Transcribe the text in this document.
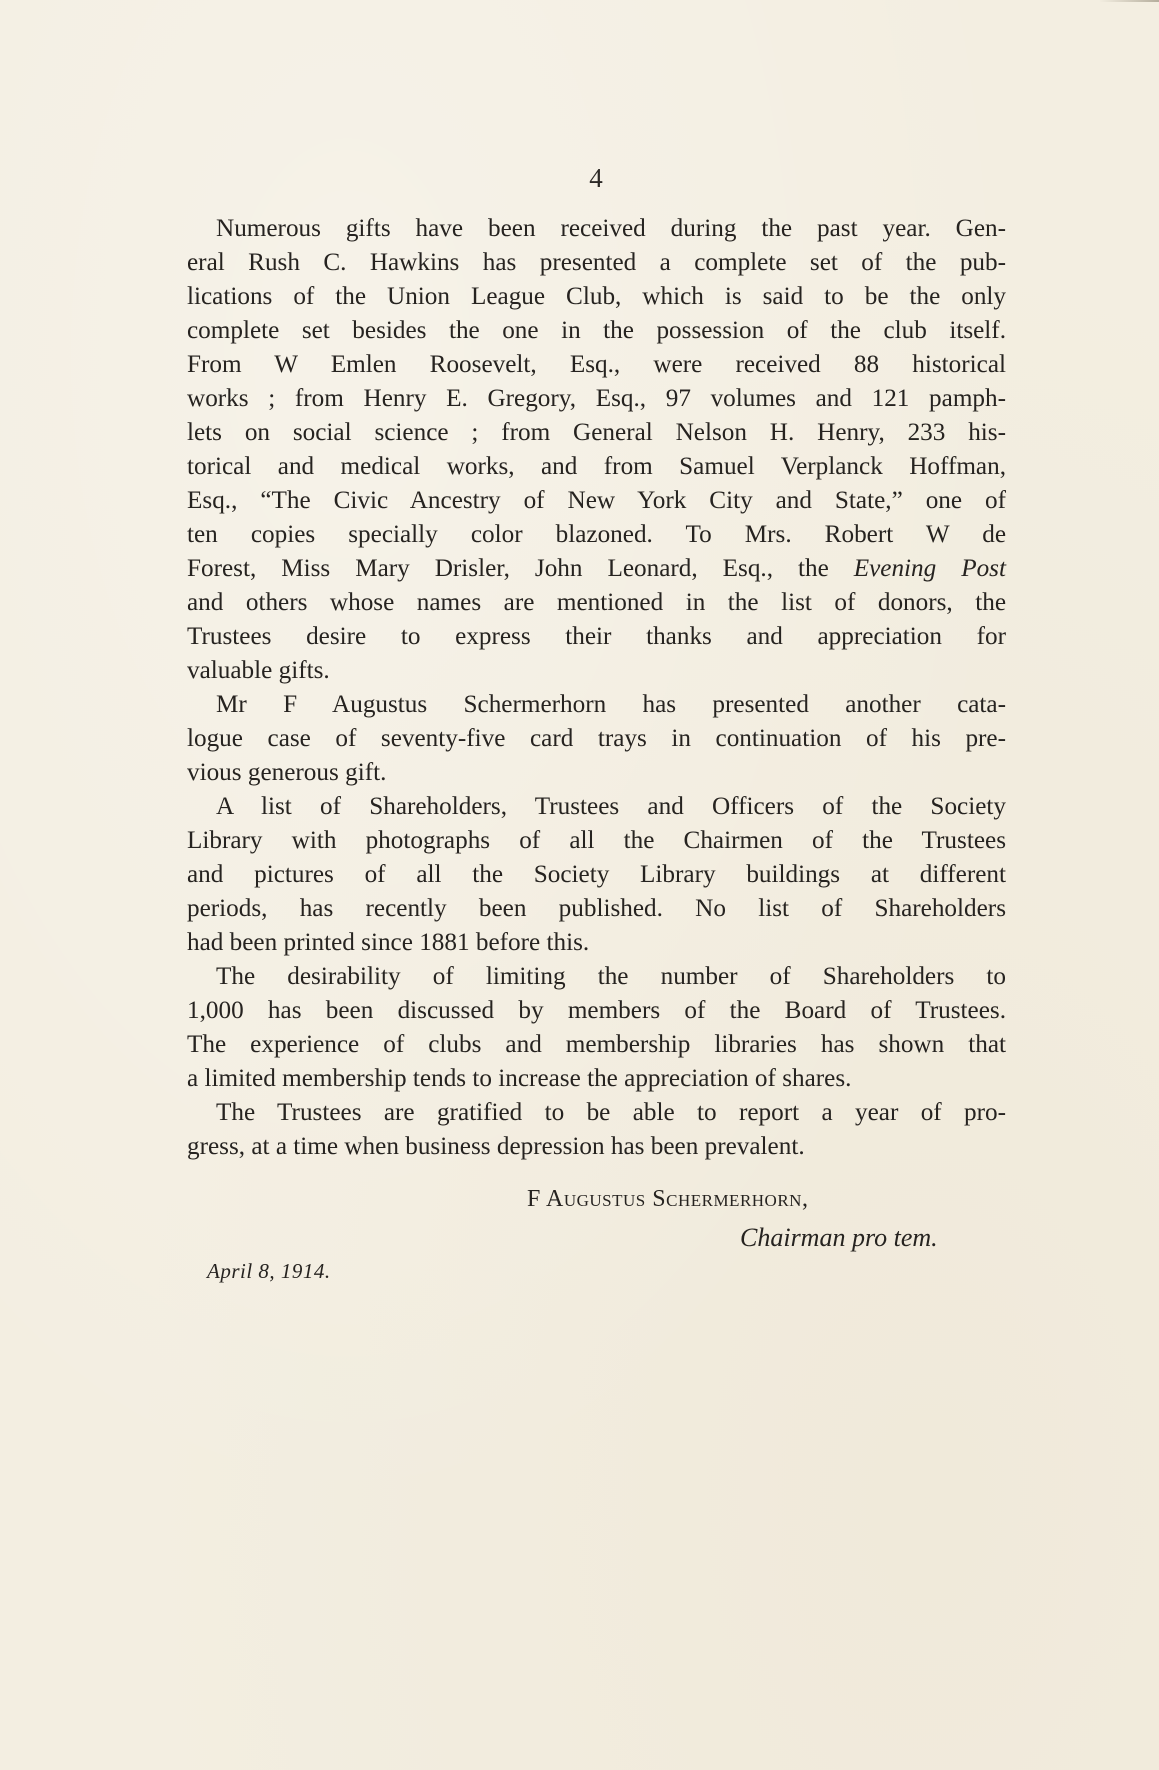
4
Numerous gifts have been received during the past year. Gen-
eral Rush C. Hawkins has presented a complete set of the pub-
lications of the Union League Club, which is said to be the only
complete set besides the one in the possession of the club itself.
From W Emlen Roosevelt, Esq., were received 88 historical
works ; from Henry E. Gregory, Esq., 97 volumes and 121 pamph-
lets on social science ; from General Nelson H. Henry, 233 his-
torical and medical works, and from Samuel Verplanck Hoffman,
Esq., “The Civic Ancestry of New York City and State,” one of
ten copies specially color blazoned. To Mrs. Robert W de
Forest, Miss Mary Drisler, John Leonard, Esq., the Evening Post
and others whose names are mentioned in the list of donors, the
Trustees desire to express their thanks and appreciation for
valuable gifts.
Mr F Augustus Schermerhorn has presented another cata-
logue case of seventy-five card trays in continuation of his pre-
vious generous gift.
A list of Shareholders, Trustees and Officers of the Society
Library with photographs of all the Chairmen of the Trustees
and pictures of all the Society Library buildings at different
periods, has recently been published. No list of Shareholders
had been printed since 1881 before this.
The desirability of limiting the number of Shareholders to
1,000 has been discussed by members of the Board of Trustees.
The experience of clubs and membership libraries has shown that
a limited membership tends to increase the appreciation of shares.
The Trustees are gratified to be able to report a year of pro-
gress, at a time when business depression has been prevalent.
F Augustus Schermerhorn,
Chairman pro tem.
April 8, 1914.
